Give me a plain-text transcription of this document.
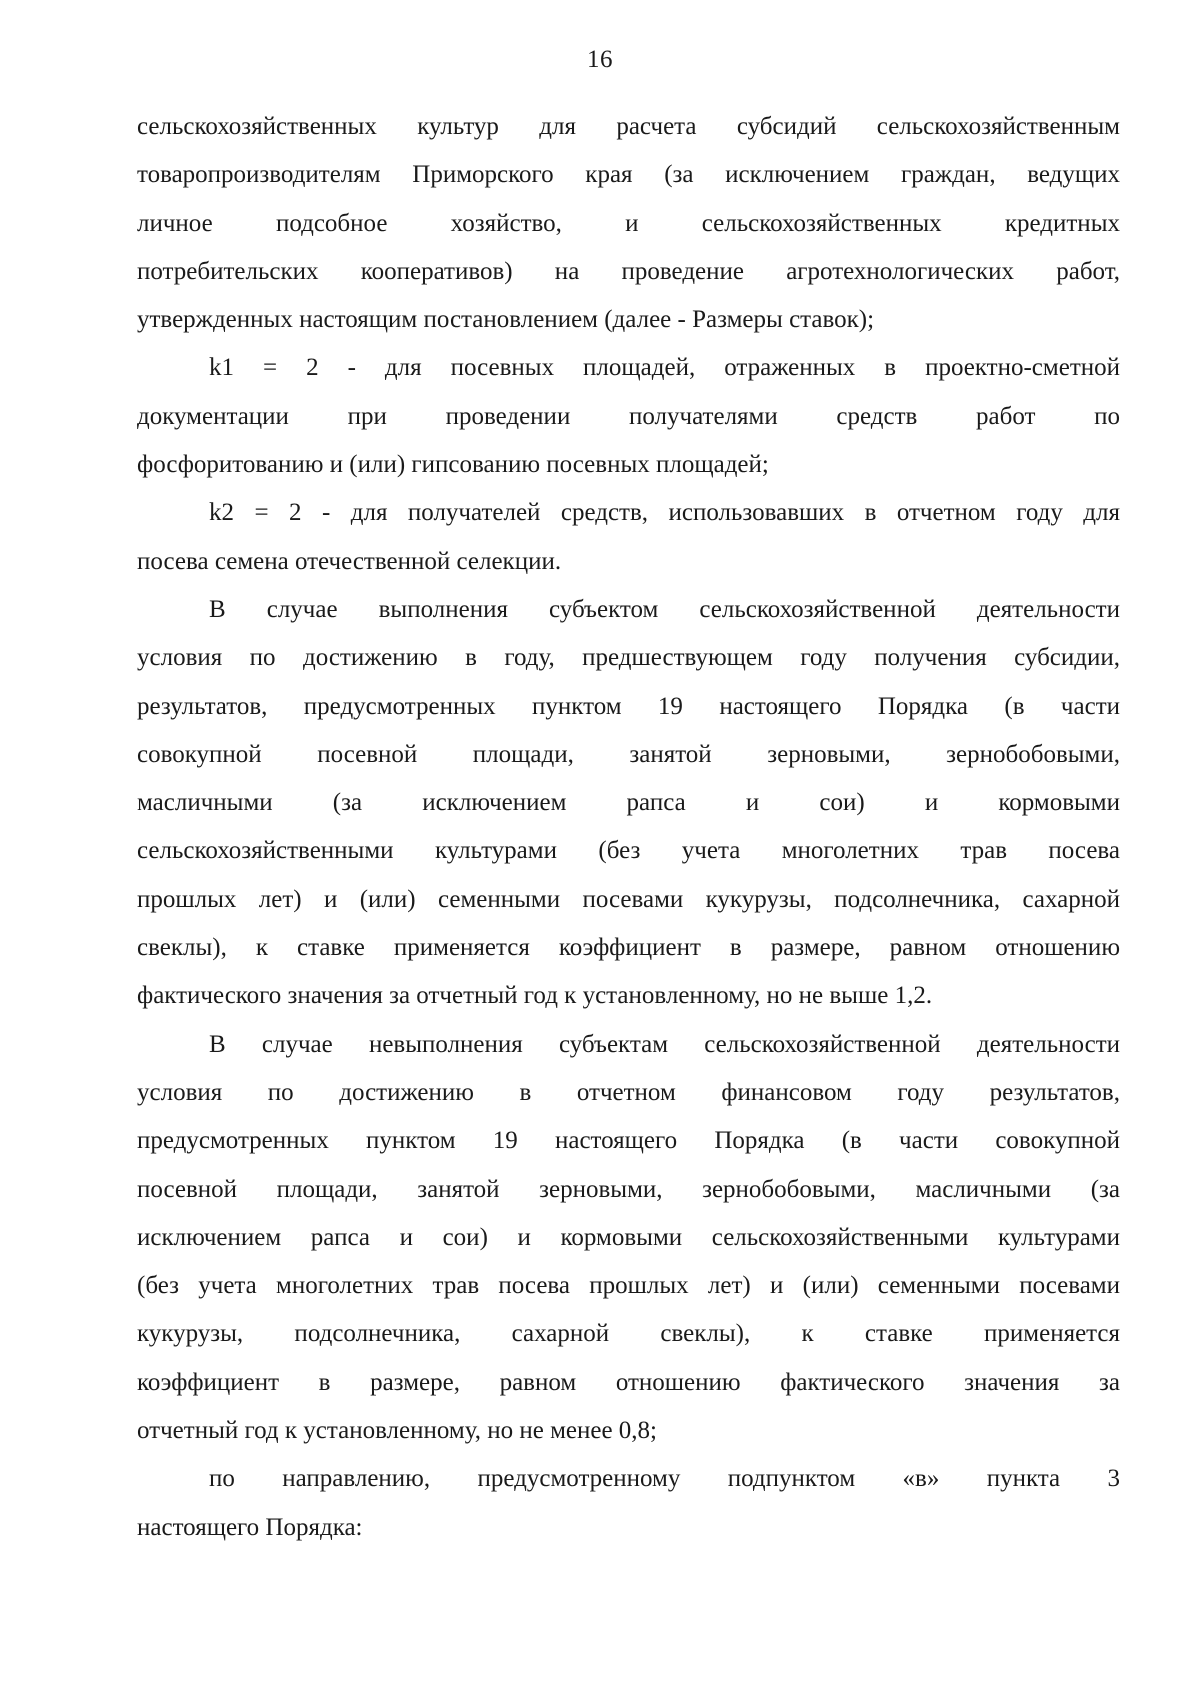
16
сельскохозяйственных культур для расчета субсидий сельскохозяйственным
товаропроизводителям Приморского края (за исключением граждан, ведущих
личное подсобное хозяйство, и сельскохозяйственных кредитных
потребительских кооперативов) на проведение агротехнологических работ,
утвержденных настоящим постановлением (далее - Размеры ставок);
k1 = 2 - для посевных площадей, отраженных в проектно-сметной
документации при проведении получателями средств работ по
фосфоритованию и (или) гипсованию посевных площадей;
k2 = 2 - для получателей средств, использовавших в отчетном году для
посева семена отечественной селекции.
В случае выполнения субъектом сельскохозяйственной деятельности
условия по достижению в году, предшествующем году получения субсидии,
результатов, предусмотренных пунктом 19 настоящего Порядка (в части
совокупной посевной площади, занятой зерновыми, зернобобовыми,
масличными (за исключением рапса и сои) и кормовыми
сельскохозяйственными культурами (без учета многолетних трав посева
прошлых лет) и (или) семенными посевами кукурузы, подсолнечника, сахарной
свеклы), к ставке применяется коэффициент в размере, равном отношению
фактического значения за отчетный год к установленному, но не выше 1,2.
В случае невыполнения субъектам сельскохозяйственной деятельности
условия по достижению в отчетном финансовом году результатов,
предусмотренных пунктом 19 настоящего Порядка (в части совокупной
посевной площади, занятой зерновыми, зернобобовыми, масличными (за
исключением рапса и сои) и кормовыми сельскохозяйственными культурами
(без учета многолетних трав посева прошлых лет) и (или) семенными посевами
кукурузы, подсолнечника, сахарной свеклы), к ставке применяется
коэффициент в размере, равном отношению фактического значения за
отчетный год к установленному, но не менее 0,8;
по направлению, предусмотренному подпунктом «в» пункта 3
настоящего Порядка:
